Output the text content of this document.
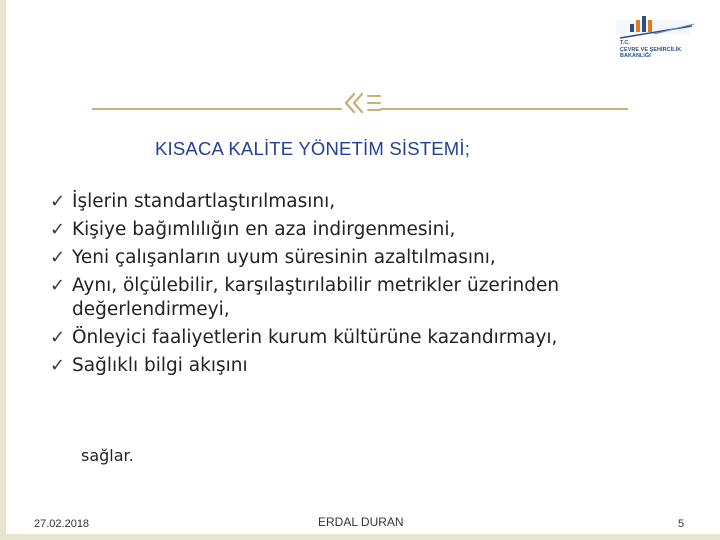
T.C.
ÇEVRE VE ŞEHİRCİLİK
BAKANLIĞI
KISACA KALİTE YÖNETİM SİSTEMİ;
✓ İşlerin standartlaştırılmasını,
✓ Kişiye bağımlılığın en aza indirgenmesini,
✓ Yeni çalışanların uyum süresinin azaltılmasını,
✓ Aynı, ölçülebilir, karşılaştırılabilir metrikler üzerinden değerlendirmeyi,
✓ Önleyici faaliyetlerin kurum kültürüne kazandırmayı,
✓ Sağlıklı bilgi akışını
sağlar.
27.02.2018	ERDAL DURAN	5
